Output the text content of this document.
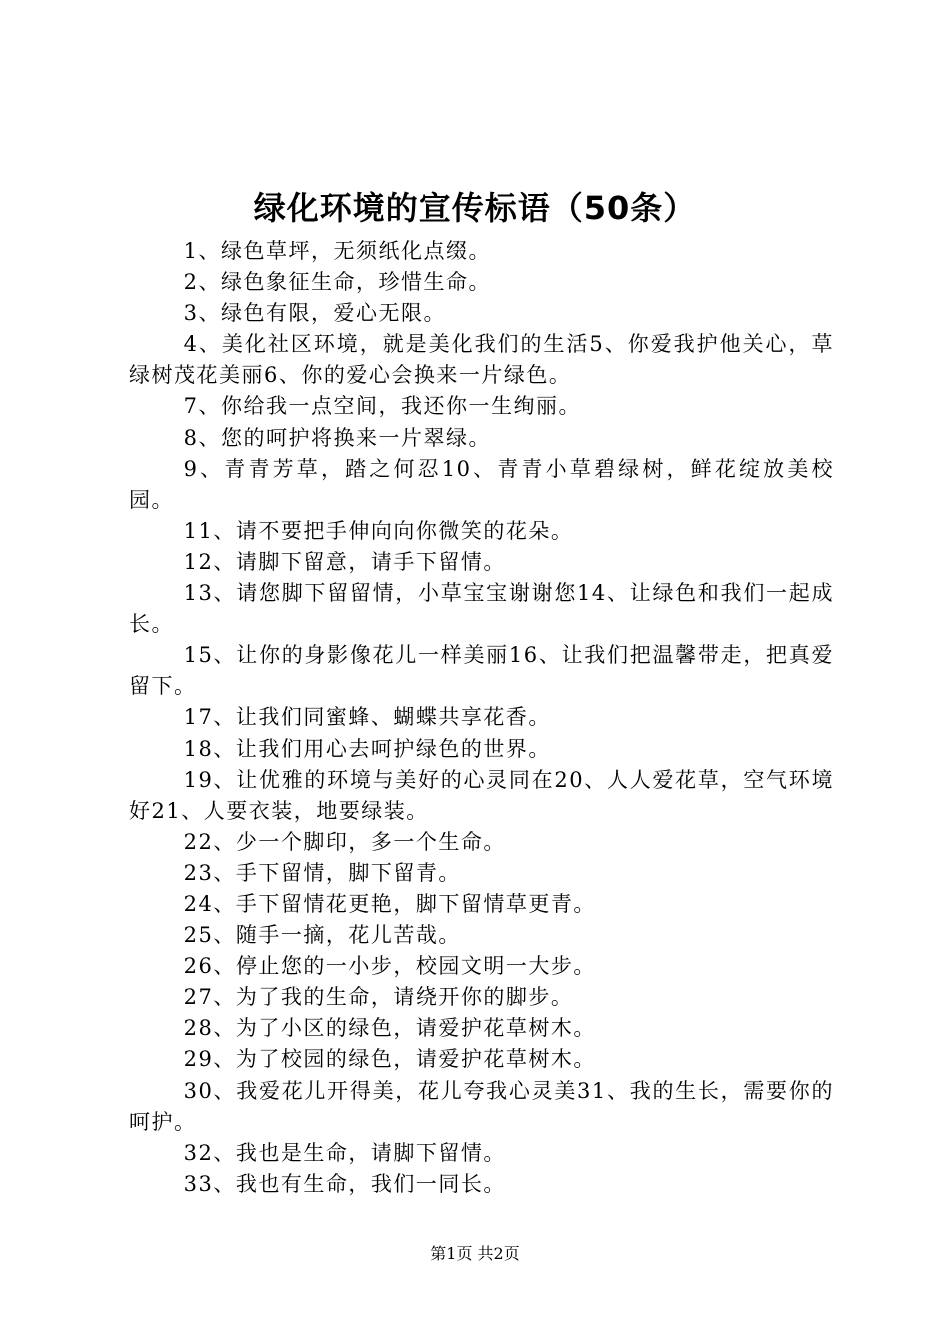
绿化环境的宣传标语（50条）

1、绿色草坪，无须纸化点缀。

2、绿色象征生命，珍惜生命。

3、绿色有限，爱心无限。

4、美化社区环境，就是美化我们的生活5、你爱我护他关心，草绿树茂花美丽6、你的爱心会换来一片绿色。

7、你给我一点空间，我还你一生绚丽。

8、您的呵护将换来一片翠绿。

9、青青芳草，踏之何忍10、青青小草碧绿树，鲜花绽放美校园。

11、请不要把手伸向向你微笑的花朵。

12、请脚下留意，请手下留情。

13、请您脚下留留情，小草宝宝谢谢您14、让绿色和我们一起成长。

15、让你的身影像花儿一样美丽16、让我们把温馨带走，把真爱留下。

17、让我们同蜜蜂、蝴蝶共享花香。

18、让我们用心去呵护绿色的世界。

19、让优雅的环境与美好的心灵同在20、人人爱花草，空气环境好21、人要衣装，地要绿装。

22、少一个脚印，多一个生命。

23、手下留情，脚下留青。

24、手下留情花更艳，脚下留情草更青。

25、随手一摘，花儿苦哉。

26、停止您的一小步，校园文明一大步。

27、为了我的生命，请绕开你的脚步。

28、为了小区的绿色，请爱护花草树木。

29、为了校园的绿色，请爱护花草树木。

30、我爱花儿开得美，花儿夸我心灵美31、我的生长，需要你的呵护。

32、我也是生命，请脚下留情。

33、我也有生命，我们一同长。

第1页 共2页
